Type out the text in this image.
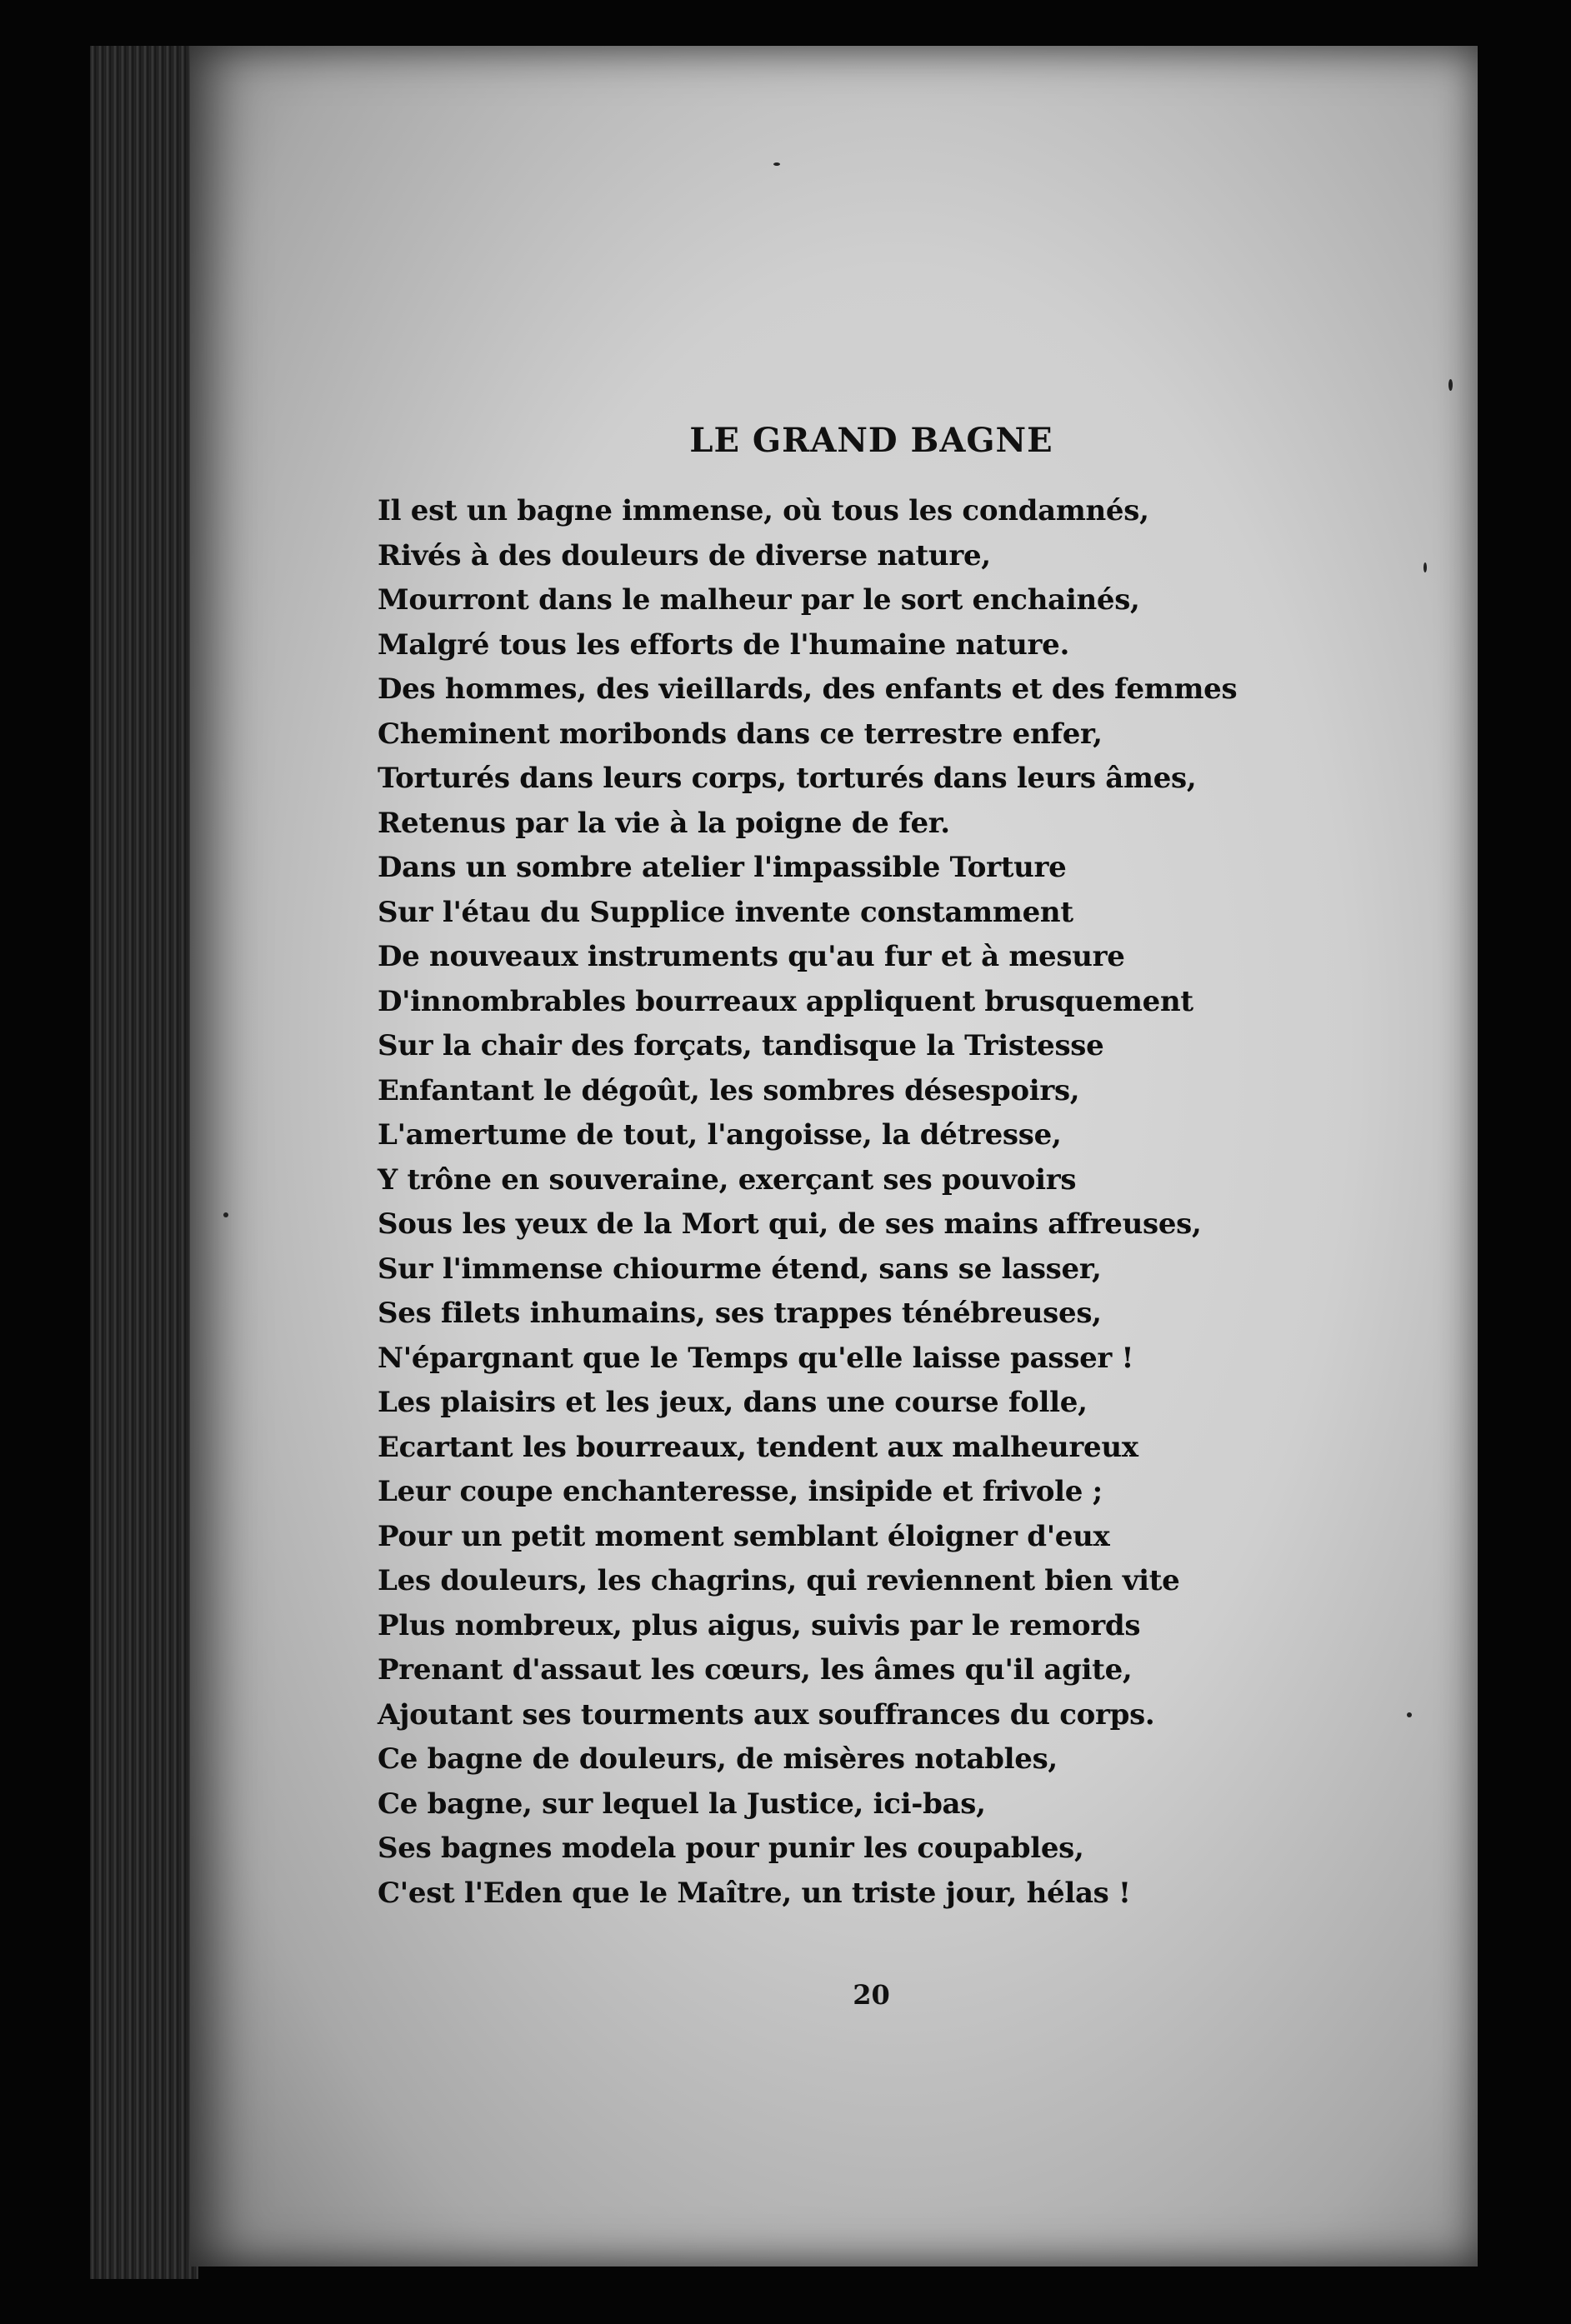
LE GRAND BAGNE
Il est un bagne immense, où tous les condamnés,
Rivés à des douleurs de diverse nature,
Mourront dans le malheur par le sort enchainés,
Malgré tous les efforts de l'humaine nature.
Des hommes, des vieillards, des enfants et des femmes
Cheminent moribonds dans ce terrestre enfer,
Torturés dans leurs corps, torturés dans leurs âmes,
Retenus par la vie à la poigne de fer.
Dans un sombre atelier l'impassible Torture
Sur l'étau du Supplice invente constamment
De nouveaux instruments qu'au fur et à mesure
D'innombrables bourreaux appliquent brusquement
Sur la chair des forçats, tandisque la Tristesse
Enfantant le dégoût, les sombres désespoirs,
L'amertume de tout, l'angoisse, la détresse,
Y trône en souveraine, exerçant ses pouvoirs
Sous les yeux de la Mort qui, de ses mains affreuses,
Sur l'immense chiourme étend, sans se lasser,
Ses filets inhumains, ses trappes ténébreuses,
N'épargnant que le Temps qu'elle laisse passer !
Les plaisirs et les jeux, dans une course folle,
Ecartant les bourreaux, tendent aux malheureux
Leur coupe enchanteresse, insipide et frivole ;
Pour un petit moment semblant éloigner d'eux
Les douleurs, les chagrins, qui reviennent bien vite
Plus nombreux, plus aigus, suivis par le remords
Prenant d'assaut les cœurs, les âmes qu'il agite,
Ajoutant ses tourments aux souffrances du corps.
Ce bagne de douleurs, de misères notables,
Ce bagne, sur lequel la Justice, ici-bas,
Ses bagnes modela pour punir les coupables,
C'est l'Eden que le Maître, un triste jour, hélas !
20
